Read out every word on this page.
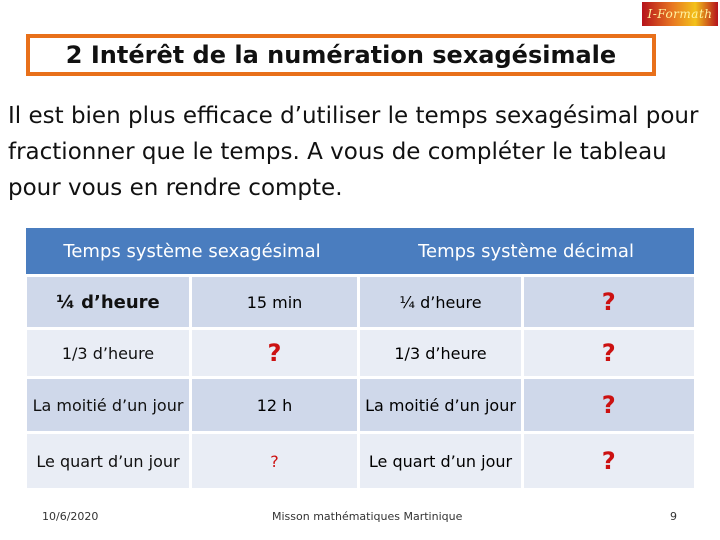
I-Formath
2 Intérêt de la numération sexagésimale
Il est bien plus efficace d’utiliser le temps sexagésimal pour fractionner que le temps. A vous de compléter le tableau pour vous en rendre compte.
Temps système sexagésimal		Temps système décimal	
¼ d’heure	15 min	¼ d’heure	?
1/3 d’heure	?	1/3 d’heure	?
La moitié d’un jour	12 h	La moitié d’un jour	?
Le quart d’un jour	?	Le quart d’un jour	?
10/6/2020	Misson mathématiques Martinique	9
